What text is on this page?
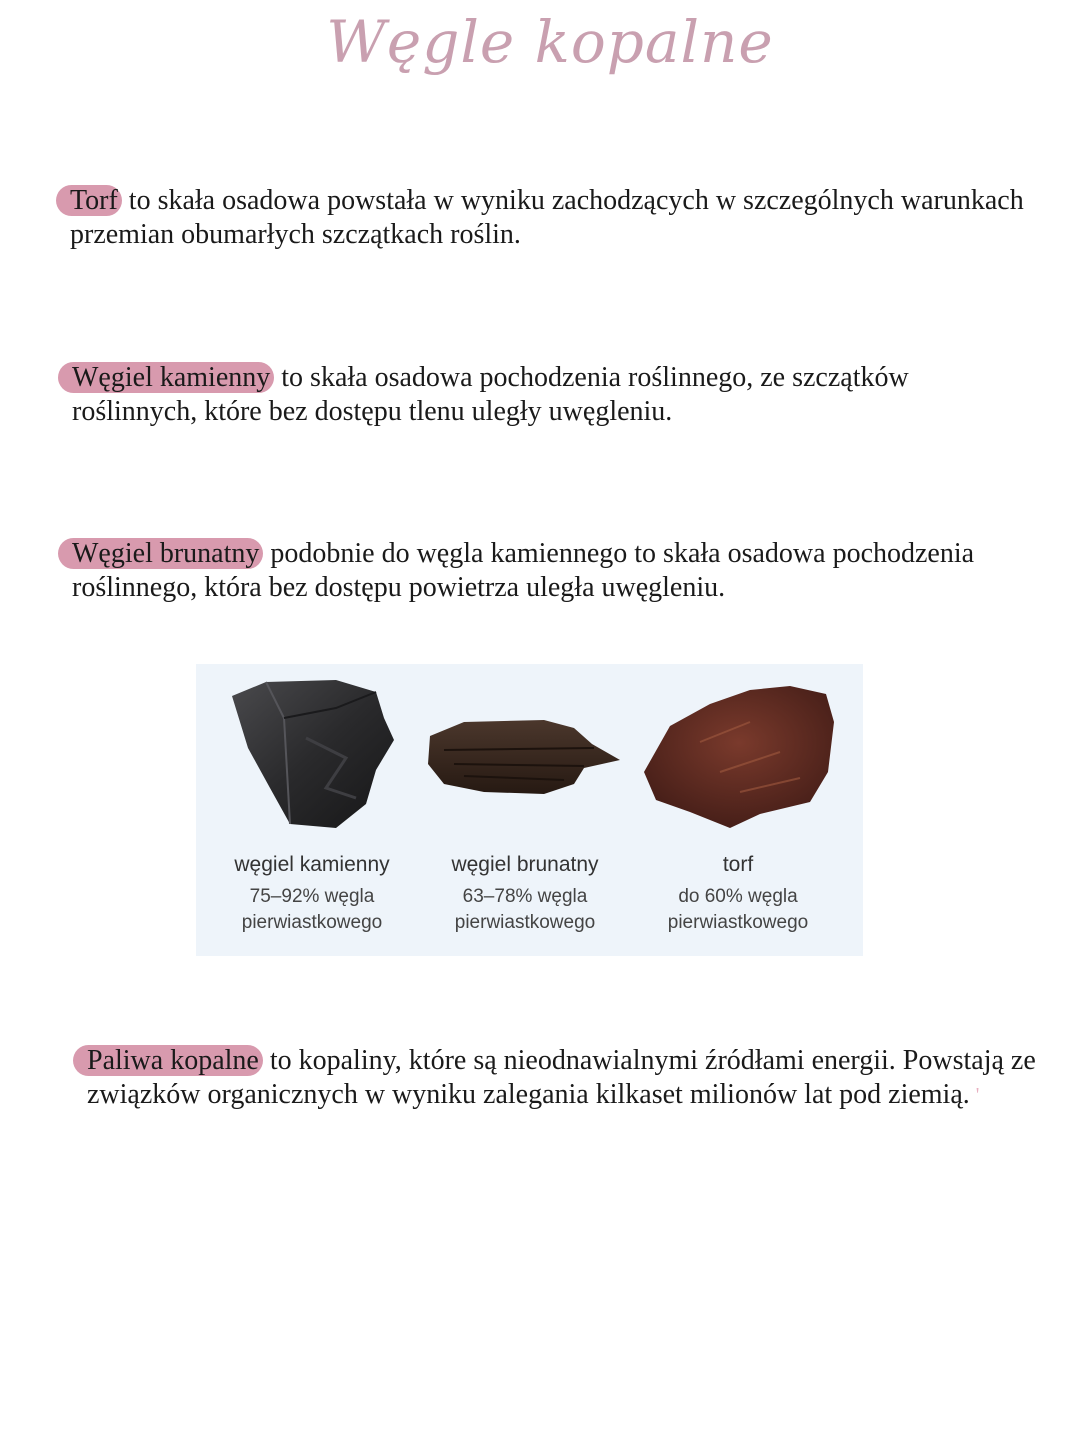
Węgle kopalne

Torf to skała osadowa powstała w wyniku zachodzących w szczególnych warunkach przemian obumarłych szczątkach roślin.

Węgiel kamienny to skała osadowa pochodzenia roślinnego, ze szczątków roślinnych, które bez dostępu tlenu uległy uwęgleniu.

Węgiel brunatny podobnie do węgla kamiennego to skała osadowa pochodzenia roślinnego, która bez dostępu powietrza uległa uwęgleniu.

węgiel kamienny
75–92% węgla
pierwiastkowego
węgiel brunatny
63–78% węgla
pierwiastkowego
torf
do 60% węgla
pierwiastkowego

Paliwa kopalne to kopaliny, które są nieodnawialnymi źródłami energii. Powstają ze związków organicznych w wyniku zalegania kilkaset milionów lat pod ziemią. '
